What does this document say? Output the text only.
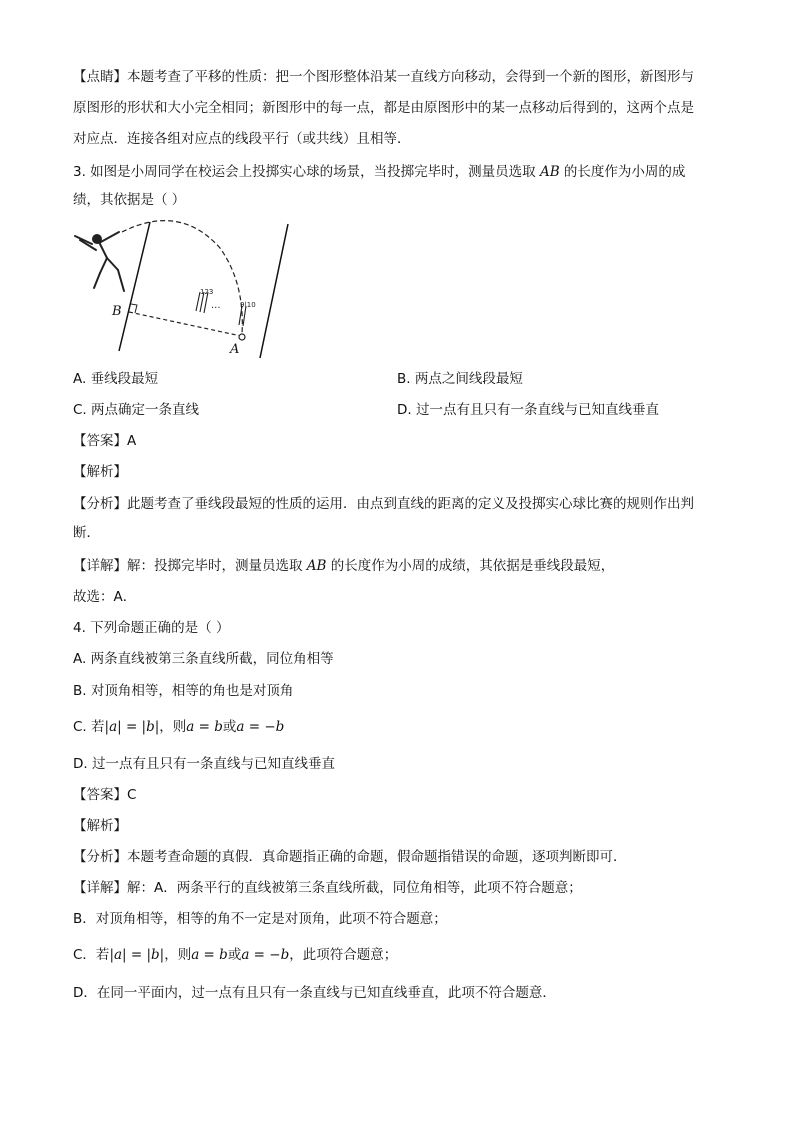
【点睛】本题考查了平移的性质：把一个图形整体沿某一直线方向移动，会得到一个新的图形，新图形与
原图形的形状和大小完全相同；新图形中的每一点，都是由原图形中的某一点移动后得到的，这两个点是
对应点．连接各组对应点的线段平行（或共线）且相等．
3. 如图是小周同学在校运会上投掷实心球的场景，当投掷完毕时，测量员选取 AB 的长度作为小周的成
绩，其依据是（ ）
123
9|10
···
B
A
A. 垂线段最短	B. 两点之间线段最短
C. 两点确定一条直线	D. 过一点有且只有一条直线与已知直线垂直
【答案】A
【解析】
【分析】此题考查了垂线段最短的性质的运用．由点到直线的距离的定义及投掷实心球比赛的规则作出判
断．
【详解】解：投掷完毕时，测量员选取 AB 的长度作为小周的成绩，其依据是垂线段最短，
故选：A．
4. 下列命题正确的是（ ）
A. 两条直线被第三条直线所截，同位角相等
B. 对顶角相等，相等的角也是对顶角
C. 若|a| = |b|，则a = b或a = −b
D. 过一点有且只有一条直线与已知直线垂直
【答案】C
【解析】
【分析】本题考查命题的真假．真命题指正确的命题，假命题指错误的命题，逐项判断即可．
【详解】解：A．两条平行的直线被第三条直线所截，同位角相等，此项不符合题意；
B．对顶角相等，相等的角不一定是对顶角，此项不符合题意；
C．若|a| = |b|，则a = b或a = −b，此项符合题意；
D．在同一平面内，过一点有且只有一条直线与已知直线垂直，此项不符合题意．
